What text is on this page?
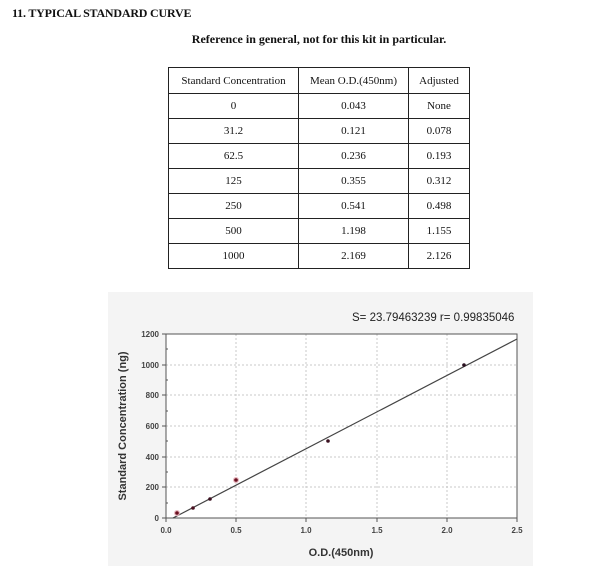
11. TYPICAL STANDARD CURVE
Reference in general, not for this kit in particular.
Standard Concentration	Mean O.D.(450nm)	Adjusted
0	0.043	None
31.2	0.121	0.078
62.5	0.236	0.193
125	0.355	0.312
250	0.541	0.498
500	1.198	1.155
1000	2.169	2.126
0
200
400
600
800
1000
1200
0.0	0.5	1.0	1.5	2.0	2.5
O.D.(450nm)
Standard Concentration (ng)
S= 23.79463239 r= 0.99835046
